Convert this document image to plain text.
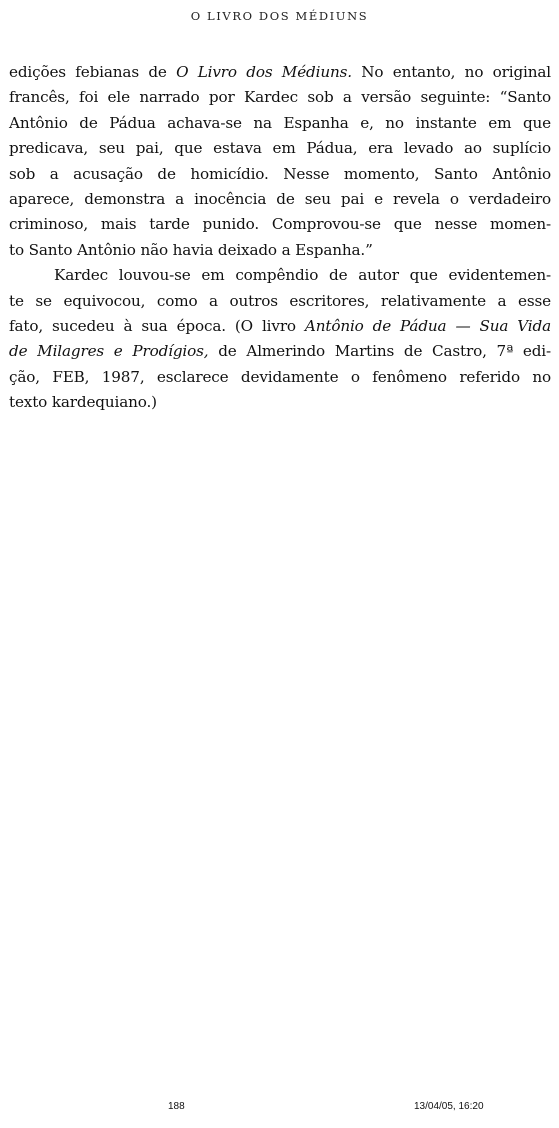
O LIVRO DOS MÉDIUNS
edições febianas de O Livro dos Médiuns. No entanto, no original
francês, foi ele narrado por Kardec sob a versão seguinte: “Santo
Antônio de Pádua achava-se na Espanha e, no instante em que
predicava, seu pai, que estava em Pádua, era levado ao suplício
sob a acusação de homicídio. Nesse momento, Santo Antônio
aparece, demonstra a inocência de seu pai e revela o verdadeiro
criminoso, mais tarde punido. Comprovou-se que nesse momen-
to Santo Antônio não havia deixado a Espanha.”
Kardec louvou-se em compêndio de autor que evidentemen-
te se equivocou, como a outros escritores, relativamente a esse
fato, sucedeu à sua época. (O livro Antônio de Pádua — Sua Vida
de Milagres e Prodígios, de Almerindo Martins de Castro, 7ª edi-
ção, FEB, 1987, esclarece devidamente o fenômeno referido no
texto kardequiano.)
188	13/04/05, 16:20
